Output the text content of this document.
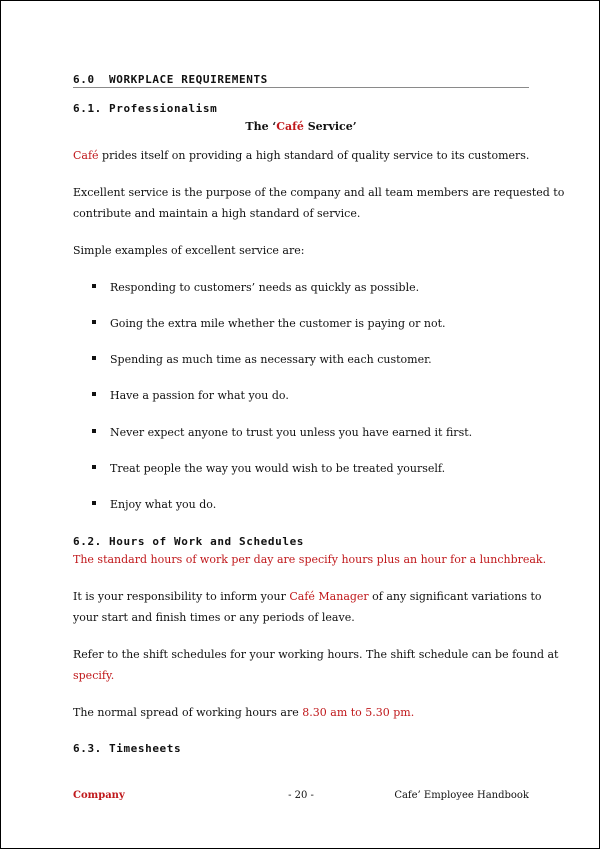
6.0 WORKPLACE REQUIREMENTS
6.1. Professionalism
The ‘Café Service’
Café prides itself on providing a high standard of quality service to its customers.
Excellent service is the purpose of the company and all team members are requested to
contribute and maintain a high standard of service.
Simple examples of excellent service are:
Responding to customers’ needs as quickly as possible.
Going the extra mile whether the customer is paying or not.
Spending as much time as necessary with each customer.
Have a passion for what you do.
Never expect anyone to trust you unless you have earned it first.
Treat people the way you would wish to be treated yourself.
Enjoy what you do.
6.2. Hours of Work and Schedules
The standard hours of work per day are specify hours plus an hour for a lunchbreak.
It is your responsibility to inform your Café Manager of any significant variations to
your start and finish times or any periods of leave.
Refer to the shift schedules for your working hours. The shift schedule can be found at
specify.
The normal spread of working hours are 8.30 am to 5.30 pm.
6.3. Timesheets
Company	- 20 -	Cafe’ Employee Handbook
